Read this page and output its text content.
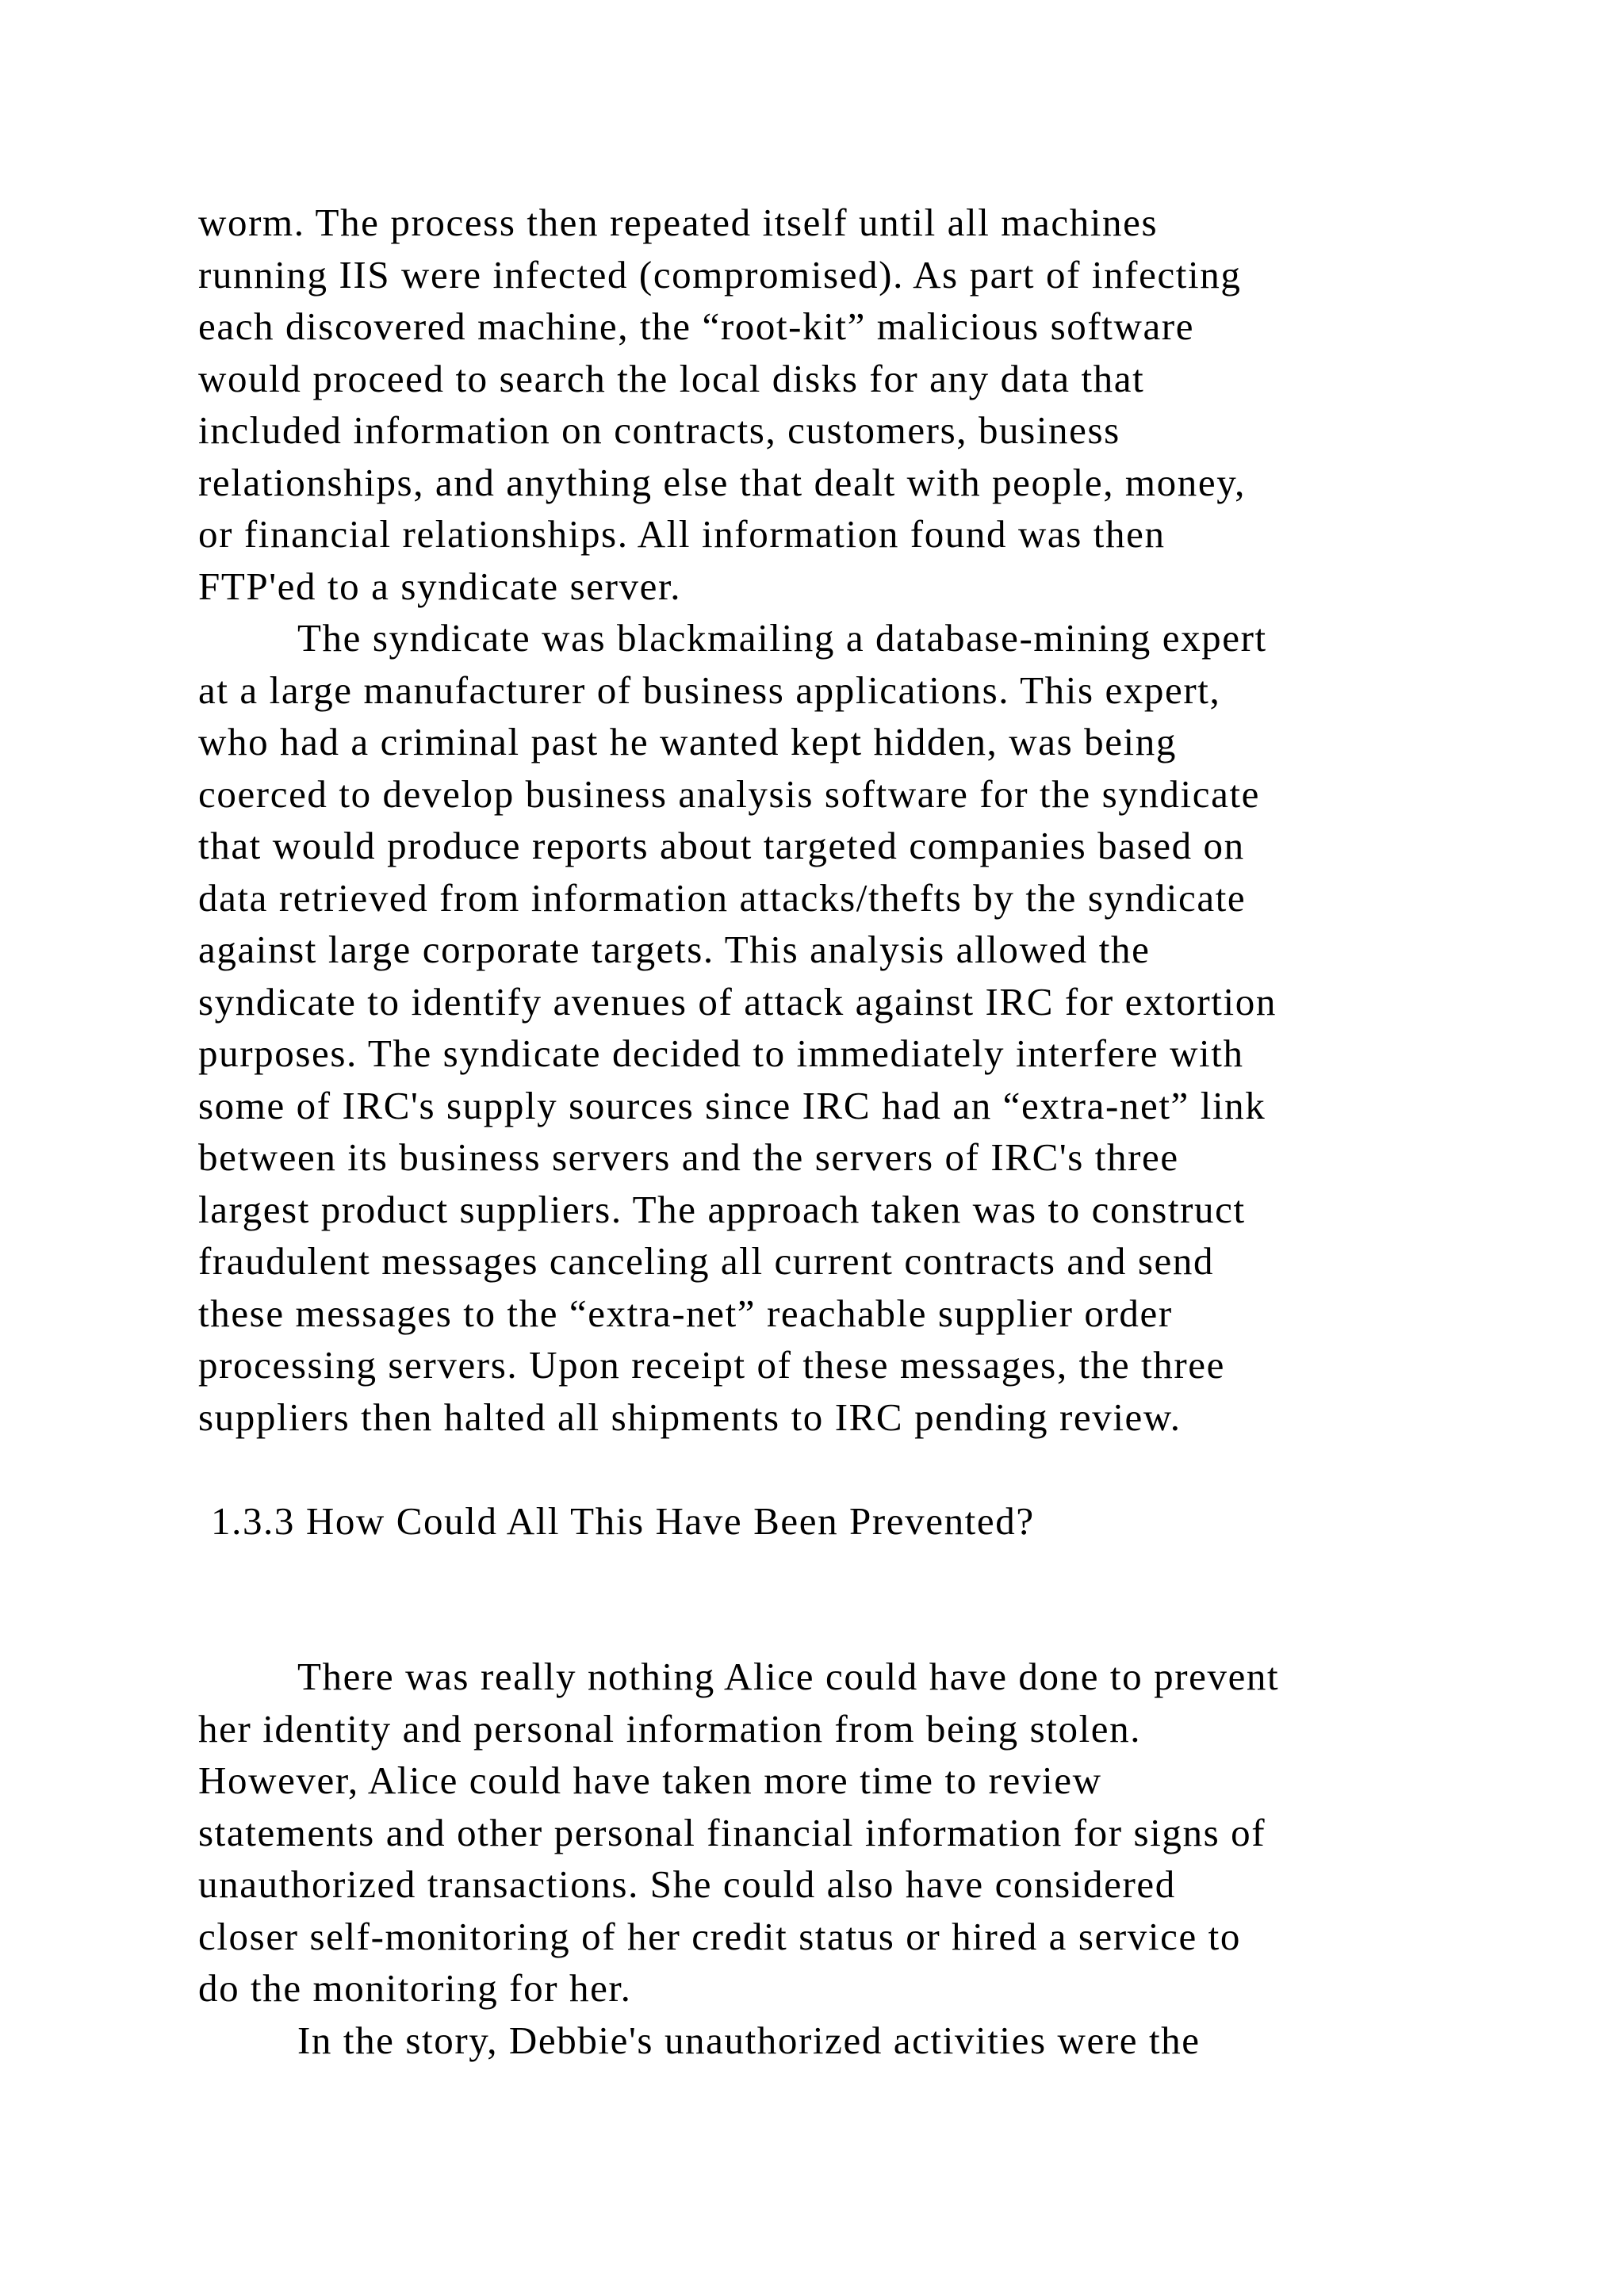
worm. The process then repeated itself until all machines
running IIS were infected (compromised). As part of infecting
each discovered machine, the “root-kit” malicious software
would proceed to search the local disks for any data that
included information on contracts, customers, business
relationships, and anything else that dealt with people, money,
or financial relationships. All information found was then
FTP'ed to a syndicate server.
The syndicate was blackmailing a database-mining expert
at a large manufacturer of business applications. This expert,
who had a criminal past he wanted kept hidden, was being
coerced to develop business analysis software for the syndicate
that would produce reports about targeted companies based on
data retrieved from information attacks/thefts by the syndicate
against large corporate targets. This analysis allowed the
syndicate to identify avenues of attack against IRC for extortion
purposes. The syndicate decided to immediately interfere with
some of IRC's supply sources since IRC had an “extra-net” link
between its business servers and the servers of IRC's three
largest product suppliers. The approach taken was to construct
fraudulent messages canceling all current contracts and send
these messages to the “extra-net” reachable supplier order
processing servers. Upon receipt of these messages, the three
suppliers then halted all shipments to IRC pending review.
1.3.3 How Could All This Have Been Prevented?
There was really nothing Alice could have done to prevent
her identity and personal information from being stolen.
However, Alice could have taken more time to review
statements and other personal financial information for signs of
unauthorized transactions. She could also have considered
closer self-monitoring of her credit status or hired a service to
do the monitoring for her.
In the story, Debbie's unauthorized activities were the
